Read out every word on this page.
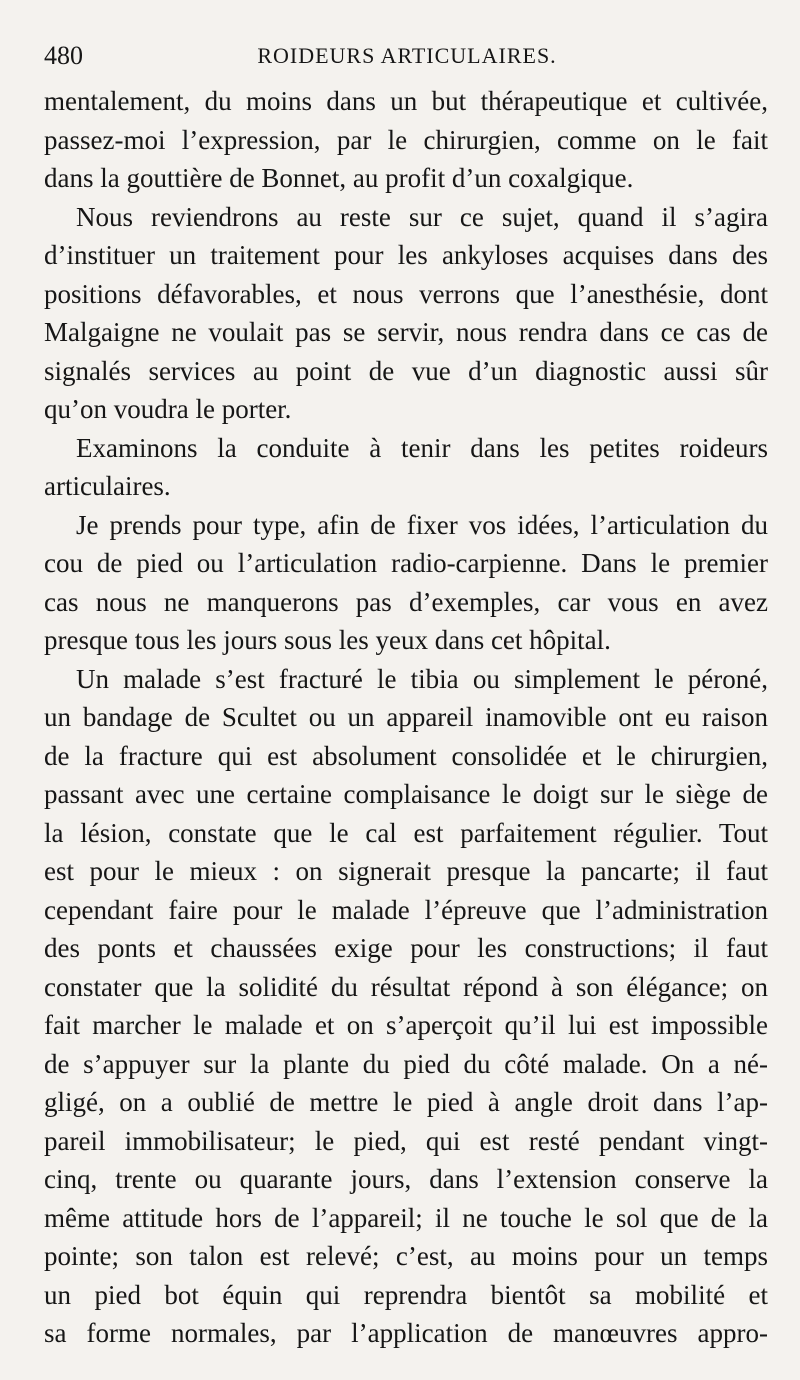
480	ROIDEURS ARTICULAIRES.
mentalement, du moins dans un but thérapeutique et cultivée,
passez-moi l’expression, par le chirurgien, comme on le fait
dans la gouttière de Bonnet, au profit d’un coxalgique.
Nous reviendrons au reste sur ce sujet, quand il s’agira
d’instituer un traitement pour les ankyloses acquises dans des
positions défavorables, et nous verrons que l’anesthésie, dont
Malgaigne ne voulait pas se servir, nous rendra dans ce cas de
signalés services au point de vue d’un diagnostic aussi sûr
qu’on voudra le porter.
Examinons la conduite à tenir dans les petites roideurs
articulaires.
Je prends pour type, afin de fixer vos idées, l’articulation du
cou de pied ou l’articulation radio-carpienne. Dans le premier
cas nous ne manquerons pas d’exemples, car vous en avez
presque tous les jours sous les yeux dans cet hôpital.
Un malade s’est fracturé le tibia ou simplement le péroné,
un bandage de Scultet ou un appareil inamovible ont eu raison
de la fracture qui est absolument consolidée et le chirurgien,
passant avec une certaine complaisance le doigt sur le siège de
la lésion, constate que le cal est parfaitement régulier. Tout
est pour le mieux : on signerait presque la pancarte; il faut
cependant faire pour le malade l’épreuve que l’administration
des ponts et chaussées exige pour les constructions; il faut
constater que la solidité du résultat répond à son élégance; on
fait marcher le malade et on s’aperçoit qu’il lui est impossible
de s’appuyer sur la plante du pied du côté malade. On a né-
gligé, on a oublié de mettre le pied à angle droit dans l’ap-
pareil immobilisateur; le pied, qui est resté pendant vingt-
cinq, trente ou quarante jours, dans l’extension conserve la
même attitude hors de l’appareil; il ne touche le sol que de la
pointe; son talon est relevé; c’est, au moins pour un temps
un pied bot équin qui reprendra bientôt sa mobilité et
sa forme normales, par l’application de manœuvres appro-
